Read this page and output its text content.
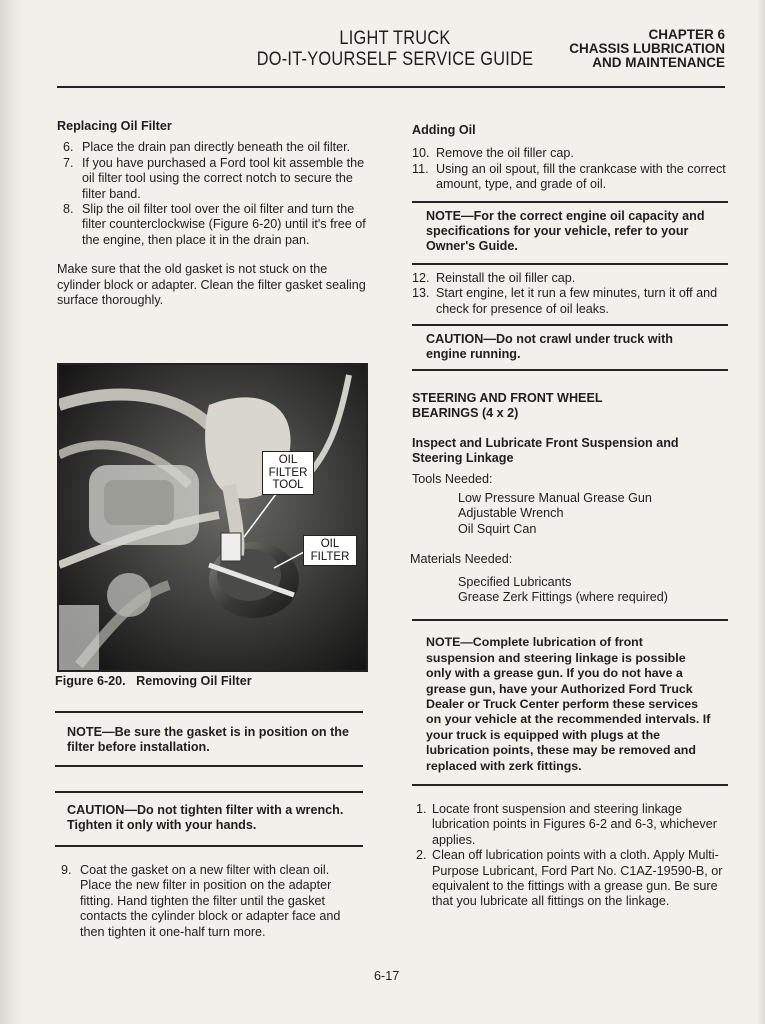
LIGHT TRUCK
DO-IT-YOURSELF SERVICE GUIDE
CHAPTER 6
CHASSIS LUBRICATION
AND MAINTENANCE
Replacing Oil Filter
6. Place the drain pan directly beneath the oil filter.
7. If you have purchased a Ford tool kit assemble the oil filter tool using the correct notch to secure the filter band.
8. Slip the oil filter tool over the oil filter and turn the filter counterclockwise (Figure 6-20) until it's free of the engine, then place it in the drain pan.

Make sure that the old gasket is not stuck on the cylinder block or adapter. Clean the filter gasket sealing surface thoroughly.

OIL FILTER TOOL
OIL FILTER
Figure 6-20.   Removing Oil Filter
NOTE—Be sure the gasket is in position on the filter before installation.
CAUTION—Do not tighten filter with a wrench. Tighten it only with your hands.
9. Coat the gasket on a new filter with clean oil. Place the new filter in position on the adapter fitting. Hand tighten the filter until the gasket contacts the cylinder block or adapter face and then tighten it one-half turn more.
Adding Oil
10. Remove the oil filler cap.
11. Using an oil spout, fill the crankcase with the correct amount, type, and grade of oil.
NOTE—For the correct engine oil capacity and specifications for your vehicle, refer to your Owner's Guide.
12. Reinstall the oil filler cap.
13. Start engine, let it run a few minutes, turn it off and check for presence of oil leaks.
CAUTION—Do not crawl under truck with engine running.
STEERING AND FRONT WHEEL BEARINGS (4 x 2)
Inspect and Lubricate Front Suspension and Steering Linkage
Tools Needed:
Low Pressure Manual Grease Gun
Adjustable Wrench
Oil Squirt Can
Materials Needed:
Specified Lubricants
Grease Zerk Fittings (where required)
NOTE—Complete lubrication of front suspension and steering linkage is possible only with a grease gun. If you do not have a grease gun, have your Authorized Ford Truck Dealer or Truck Center perform these services on your vehicle at the recommended intervals. If your truck is equipped with plugs at the lubrication points, these may be removed and replaced with zerk fittings.
1. Locate front suspension and steering linkage lubrication points in Figures 6-2 and 6-3, whichever applies.
2. Clean off lubrication points with a cloth. Apply Multi-Purpose Lubricant, Ford Part No. C1AZ-19590-B, or equivalent to the fittings with a grease gun. Be sure that you lubricate all fittings on the linkage.
6-17
